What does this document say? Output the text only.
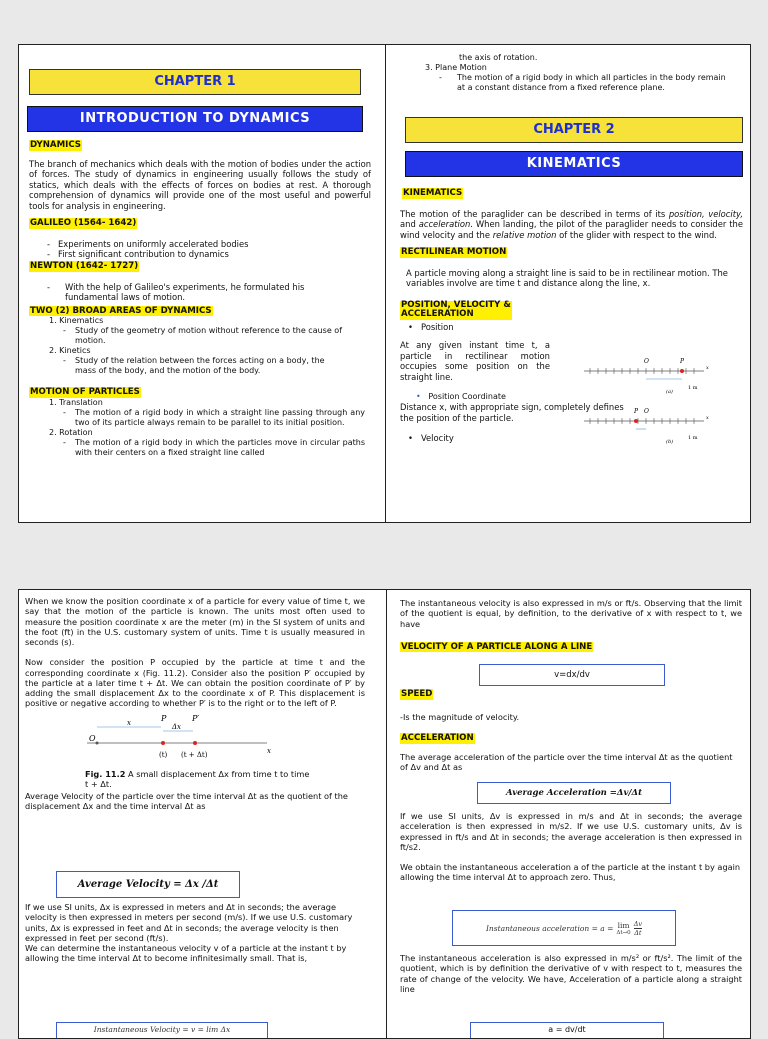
CHAPTER 1
INTRODUCTION TO DYNAMICS
DYNAMICS

The branch of mechanics which deals with the motion of bodies under the action of forces. The study of dynamics in engineering usually follows the study of statics, which deals with the effects of forces on bodies at rest. A thorough comprehension of dynamics will provide one of the most useful and powerful tools for analysis in engineering.

GALILEO (1564- 1642)
-   Experiments on uniformly accelerated bodies
-   First significant contribution to dynamics
NEWTON (1642- 1727)
-	With the help of Galileo's experiments, he formulated his fundamental laws of motion.
TWO (2) BROAD AREAS OF DYNAMICS
1. Kinematics
-	Study of the geometry of motion without reference to the cause of motion.
2. Kinetics
-	Study of the relation between the forces acting on a body, the mass of the body, and the motion of the body.
MOTION OF PARTICLES
1. Translation
-	The motion of a rigid body in which a straight line passing through any two of its particle always remain to be parallel to its initial position.
2. Rotation
-	The motion of a rigid body in which the particles move in circular paths with their centers on a fixed straight line called
the axis of rotation.
3. Plane Motion
-	The motion of a rigid body in which all particles in the body remain at a constant distance from a fixed reference plane.
CHAPTER 2
KINEMATICS
KINEMATICS

The motion of the paraglider can be described in terms of its position, velocity, and acceleration. When landing, the pilot of the paraglider needs to consider the wind velocity and the relative motion of the glider with respect to the wind.

RECTILINEAR MOTION

A particle moving along a straight line is said to be in rectilinear motion. The variables involve are time t and distance along the line, x.

POSITION, VELOCITY &
ACCELERATION
•   Position

At any given instant time t, a particle in rectilinear motion occupies some position on the straight line.

• Position Coordinate

Distance x, with appropriate sign, completely defines the position of the particle.

•   Velocity
O	P
x
1 m
(a)
P O
x
1 m
(b)

When we know the position coordinate x of a particle for every value of time t, we say that the motion of the particle is known. The units most often used to measure the position coordinate x are the meter (m) in the SI system of units and the foot (ft) in the U.S. customary system of units. Time t is usually measured in seconds (s).

Now consider the position P occupied by the particle at time t and the corresponding coordinate x (Fig. 11.2). Consider also the position P′ occupied by the particle at a later time t + Δt. We can obtain the position coordinate of P′ by adding the small displacement Δx to the coordinate x of P. This displacement is positive or negative according to whether P′ is to the right or to the left of P.

O
P	P′
x	Δx
(t) (t + Δt)	x
Fig. 11.2 A small displacement Δx from time t to time t + Δt.

Average Velocity of the particle over the time interval Δt as the quotient of the displacement Δx and the time interval Δt as

Average Velocity = Δx /Δt

If we use SI units, Δx is expressed in meters and Δt in seconds; the average velocity is then expressed in meters per second (m/s). If we use U.S. customary units, Δx is expressed in feet and Δt in seconds; the average velocity is then expressed in feet per second (ft/s).

We can determine the instantaneous velocity v of a particle at the instant t by allowing the time interval Δt to become infinitesimally small. That is,

Instantaneous Velocity = v = lim Δx

The instantaneous velocity is also expressed in m/s or ft/s. Observing that the limit of the quotient is equal, by definition, to the derivative of x with respect to t, we have

VELOCITY OF A PARTICLE ALONG A LINE
v=dx/dv
SPEED

-Is the magnitude of velocity.

ACCELERATION

The average acceleration of the particle over the time interval Δt as the quotient of Δv and Δt as

Average Acceleration =Δv/Δt

If we use SI units, Δv is expressed in m/s and Δt in seconds; the average acceleration is then expressed in m/s2. If we use U.S. customary units, Δv is expressed in ft/s and Δt in seconds; the average acceleration is then expressed in ft/s2.

We obtain the instantaneous acceleration a of the particle at the instant t by again allowing the time interval Δt to approach zero. Thus,

Instantaneous acceleration = a = lim
Δt→0
Δv
Δt

The instantaneous acceleration is also expressed in m/s² or ft/s². The limit of the quotient, which is by definition the derivative of v with respect to t, measures the rate of change of the velocity. We have, Acceleration of a particle along a straight line

a = dv/dt
